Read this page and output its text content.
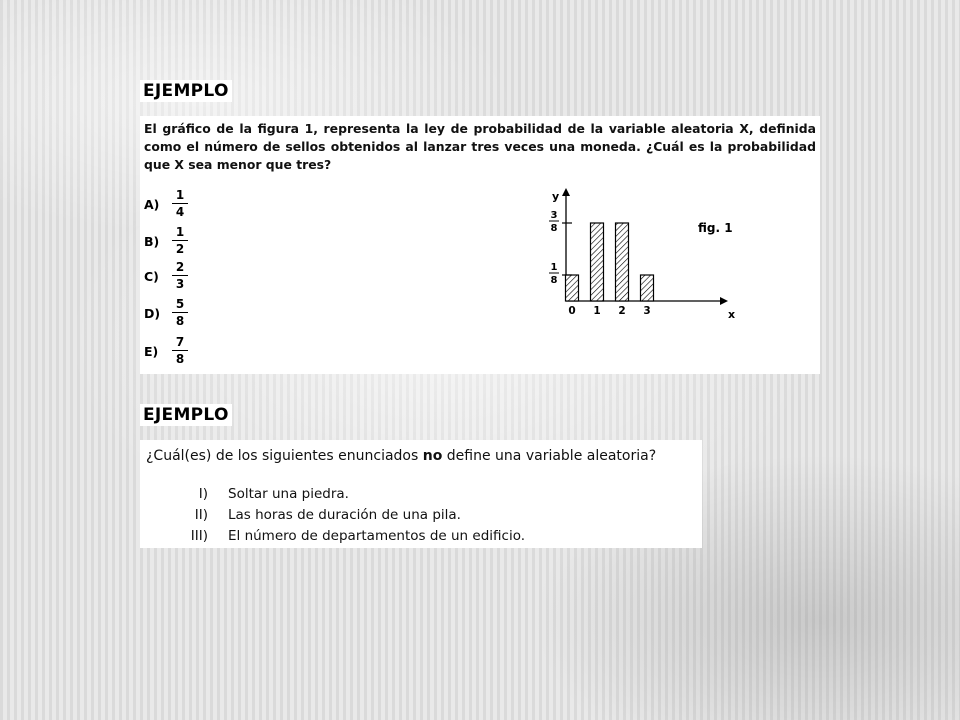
EJEMPLO
El gráfico de la figura 1, representa la ley de probabilidad de la variable aleatoria X, definida como el número de sellos obtenidos al lanzar tres veces una moneda. ¿Cuál es la probabilidad que X sea menor que tres?
$A) \frac{1}{4}$
$B) \frac{1}{2}$
$C) \frac{2}{3}$
$D) \frac{5}{8}$
$E) \frac{7}{8}$
x
y
0 1 2 3
1
8
3
8	fig. 1
EJEMPLO
¿Cuál(es) de los siguientes enunciados no define una variable aleatoria?
I) Soltar una piedra.
II) Las horas de duración de una pila.
III) El número de departamentos de un edificio.
